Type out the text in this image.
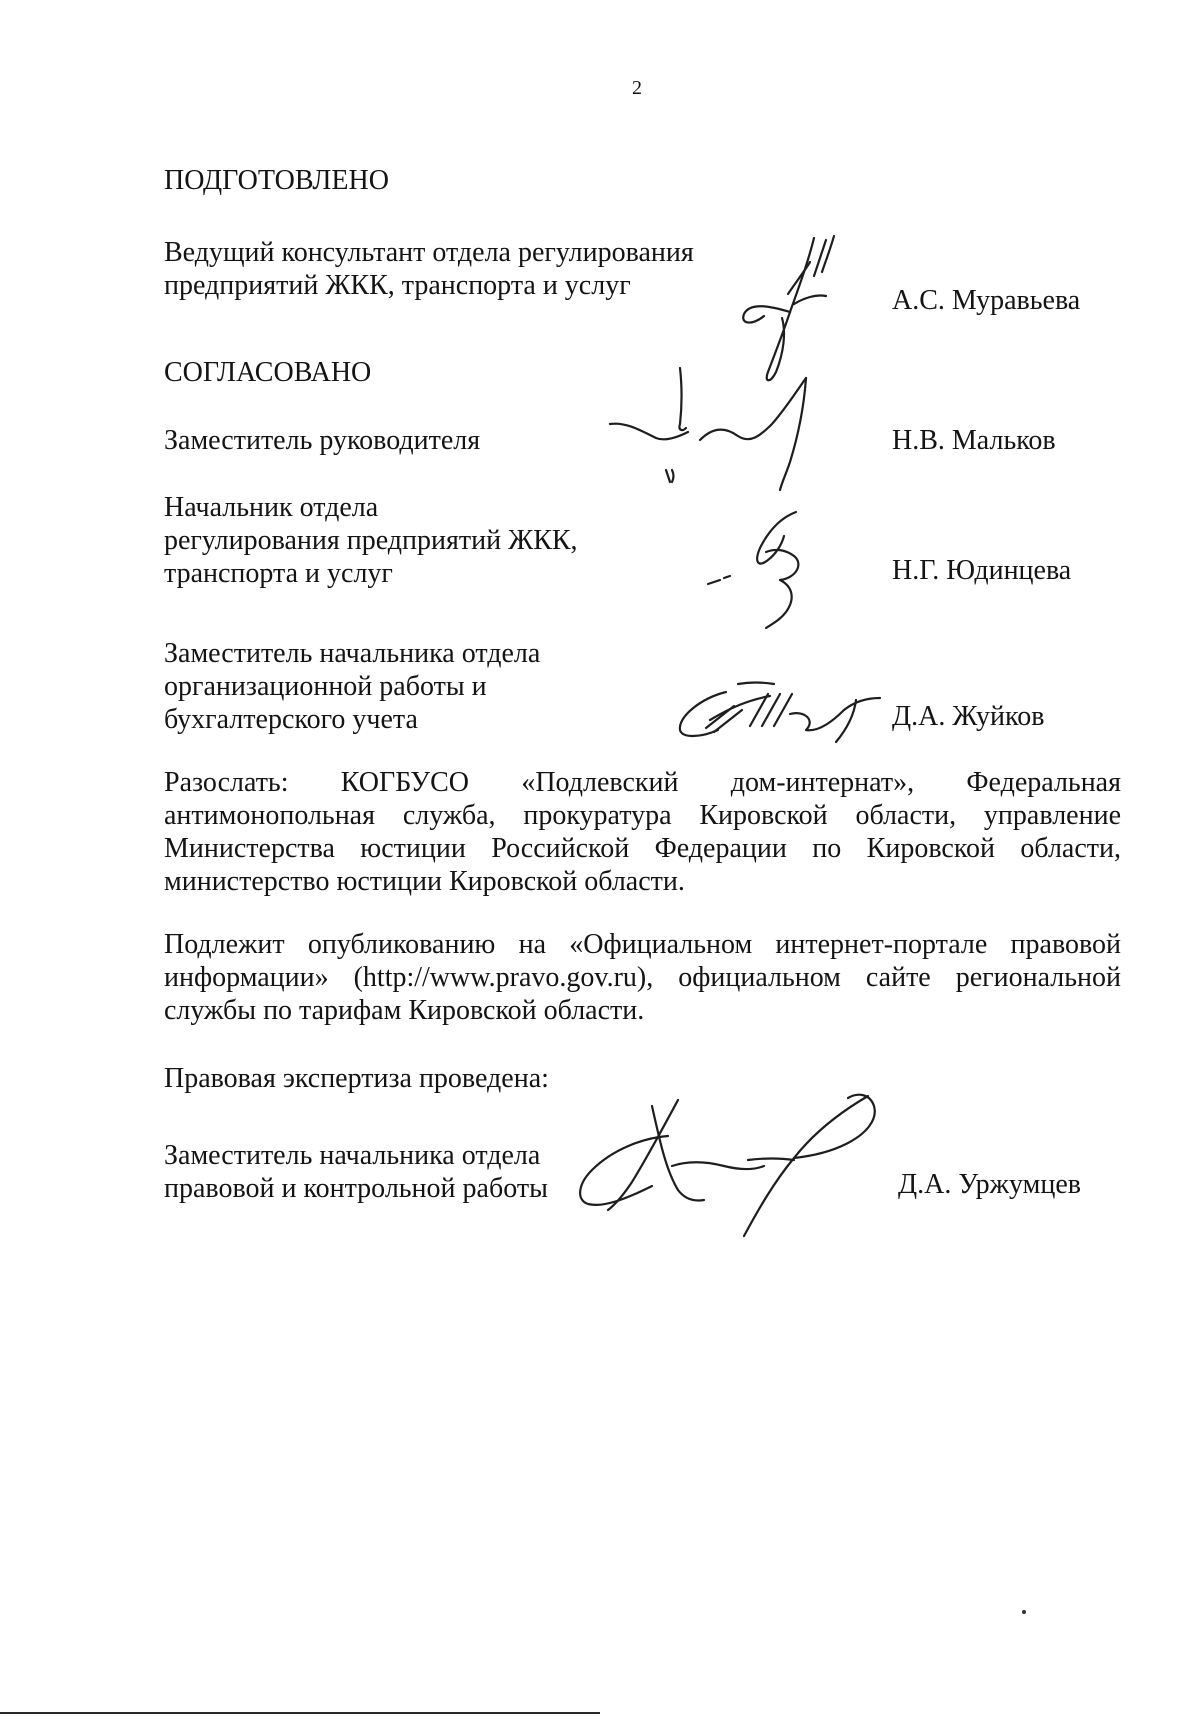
2
ПОДГОТОВЛЕНО
Ведущий консультант отдела регулирования
предприятий ЖКК, транспорта и услуг	А.С. Муравьева
СОГЛАСОВАНО
Заместитель руководителя	Н.В. Мальков
Начальник отдела
регулирования предприятий ЖКК,
транспорта и услуг	Н.Г. Юдинцева
Заместитель начальника отдела
организационной работы и
бухгалтерского учета	Д.А. Жуйков
Разослать: КОГБУСО «Подлевский дом-интернат», Федеральная
антимонопольная служба, прокуратура Кировской области, управление
Министерства юстиции Российской Федерации по Кировской области,
министерство юстиции Кировской области.
Подлежит опубликованию на «Официальном интернет-портале правовой
информации» (http://www.pravo.gov.ru), официальном сайте региональной
службы по тарифам Кировской области.
Правовая экспертиза проведена:
Заместитель начальника отдела
правовой и контрольной работы	Д.А. Уржумцев
